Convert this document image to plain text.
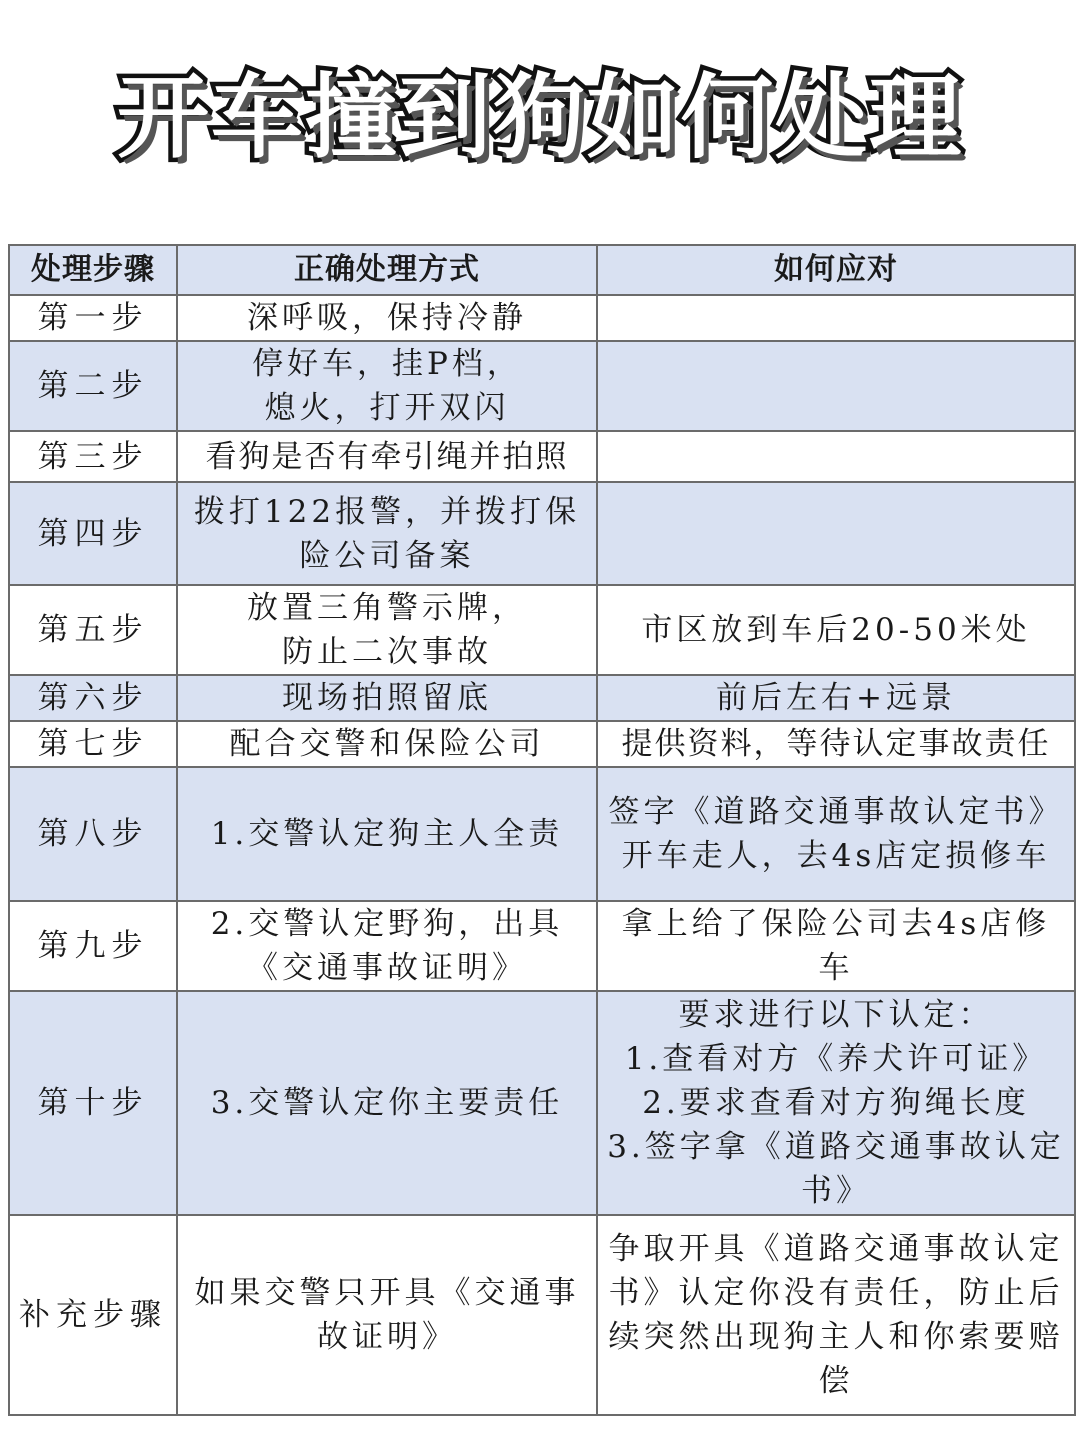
开车撞到狗如何处理
处理步骤	正确处理方式	如何应对
第一步	深呼吸，保持冷静	
第二步	停好车，挂P档，
熄火，打开双闪	
第三步	看狗是否有牵引绳并拍照	
第四步	拨打122报警，并拨打保险公司备案	
第五步	放置三角警示牌，
防止二次事故	市区放到车后20-50米处
第六步	现场拍照留底	前后左右+远景
第七步	配合交警和保险公司	提供资料，等待认定事故责任
第八步	1.交警认定狗主人全责	签字《道路交通事故认定书》开车走人，去4s店定损修车
第九步	2.交警认定野狗，出具《交通事故证明》	拿上给了保险公司去4s店修车
第十步	3.交警认定你主要责任	要求进行以下认定：
1.查看对方《养犬许可证》
2.要求查看对方狗绳长度
3.签字拿《道路交通事故认定书》
补充步骤	如果交警只开具《交通事故证明》	争取开具《道路交通事故认定书》认定你没有责任，防止后续突然出现狗主人和你索要赔偿
